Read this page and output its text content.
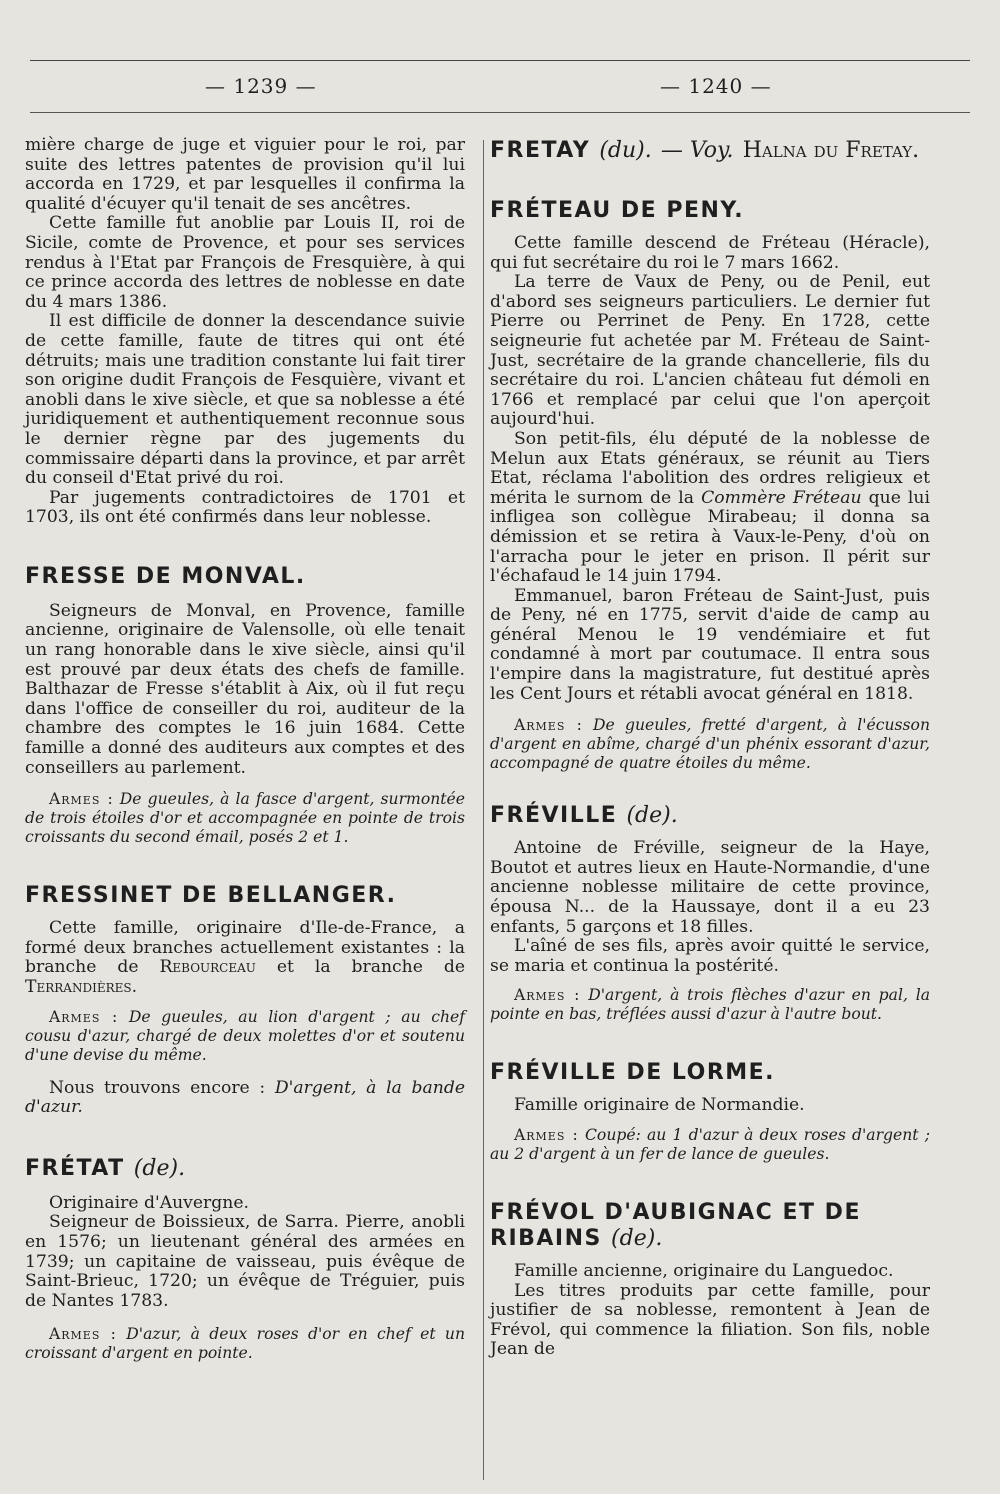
— 1239 —	— 1240 —

mière charge de juge et viguier pour le roi, par suite des lettres patentes de provision qu'il lui accorda en 1729, et par lesquelles il confirma la qualité d'écuyer qu'il tenait de ses ancêtres.

Cette famille fut anoblie par Louis II, roi de Sicile, comte de Provence, et pour ses services rendus à l'Etat par François de Fresquière, à qui ce prince accorda des lettres de noblesse en date du 4 mars 1386.

Il est difficile de donner la descendance suivie de cette famille, faute de titres qui ont été détruits; mais une tradition constante lui fait tirer son origine dudit François de Fesquière, vivant et anobli dans le xive siècle, et que sa noblesse a été juridiquement et authentiquement reconnue sous le dernier règne par des jugements du commissaire départi dans la province, et par arrêt du conseil d'Etat privé du roi.

Par jugements contradictoires de 1701 et 1703, ils ont été confirmés dans leur noblesse.

FRESSE DE MONVAL.

Seigneurs de Monval, en Provence, famille ancienne, originaire de Valensolle, où elle tenait un rang honorable dans le xive siècle, ainsi qu'il est prouvé par deux états des chefs de famille. Balthazar de Fresse s'établit à Aix, où il fut reçu dans l'office de conseiller du roi, auditeur de la chambre des comptes le 16 juin 1684. Cette famille a donné des auditeurs aux comptes et des conseillers au parlement.

Armes : De gueules, à la fasce d'argent, surmontée de trois étoiles d'or et accompagnée en pointe de trois croissants du second émail, posés 2 et 1.

FRESSINET DE BELLANGER.

Cette famille, originaire d'Ile-de-France, a formé deux branches actuellement existantes : la branche de Rebourceau et la branche de Terrandières.

Armes : De gueules, au lion d'argent ; au chef cousu d'azur, chargé de deux molettes d'or et soutenu d'une devise du même.

Nous trouvons encore : D'argent, à la bande d'azur.

FRÉTAT (de).

Originaire d'Auvergne.

Seigneur de Boissieux, de Sarra. Pierre, anobli en 1576; un lieutenant général des armées en 1739; un capitaine de vaisseau, puis évêque de Saint-Brieuc, 1720; un évêque de Tréguier, puis de Nantes 1783.

Armes : D'azur, à deux roses d'or en chef et un croissant d'argent en pointe.

FRETAY (du). — Voy. Halna du Fretay.
FRÉTEAU DE PENY.

Cette famille descend de Fréteau (Héracle), qui fut secrétaire du roi le 7 mars 1662.

La terre de Vaux de Peny, ou de Penil, eut d'abord ses seigneurs particuliers. Le dernier fut Pierre ou Perrinet de Peny. En 1728, cette seigneurie fut achetée par M. Fréteau de Saint-Just, secrétaire de la grande chancellerie, fils du secrétaire du roi. L'ancien château fut démoli en 1766 et remplacé par celui que l'on aperçoit aujourd'hui.

Son petit-fils, élu député de la noblesse de Melun aux Etats généraux, se réunit au Tiers Etat, réclama l'abolition des ordres religieux et mérita le surnom de la Commère Fréteau que lui infligea son collègue Mirabeau; il donna sa démission et se retira à Vaux-le-Peny, d'où on l'arracha pour le jeter en prison. Il périt sur l'échafaud le 14 juin 1794.

Emmanuel, baron Fréteau de Saint-Just, puis de Peny, né en 1775, servit d'aide de camp au général Menou le 19 vendémiaire et fut condamné à mort par coutumace. Il entra sous l'empire dans la magistrature, fut destitué après les Cent Jours et rétabli avocat général en 1818.

Armes : De gueules, fretté d'argent, à l'écusson d'argent en abîme, chargé d'un phénix essorant d'azur, accompagné de quatre étoiles du même.

FRÉVILLE (de).

Antoine de Fréville, seigneur de la Haye, Boutot et autres lieux en Haute-Normandie, d'une ancienne noblesse militaire de cette province, épousa N... de la Haussaye, dont il a eu 23 enfants, 5 garçons et 18 filles.

L'aîné de ses fils, après avoir quitté le service, se maria et continua la postérité.

Armes : D'argent, à trois flèches d'azur en pal, la pointe en bas, tréflées aussi d'azur à l'autre bout.

FRÉVILLE DE LORME.

Famille originaire de Normandie.

Armes : Coupé: au 1 d'azur à deux roses d'argent ; au 2 d'argent à un fer de lance de gueules.

FRÉVOL D'AUBIGNAC ET DE RIBAINS (de).

Famille ancienne, originaire du Languedoc.

Les titres produits par cette famille, pour justifier de sa noblesse, remontent à Jean de Frévol, qui commence la filiation. Son fils, noble Jean de
